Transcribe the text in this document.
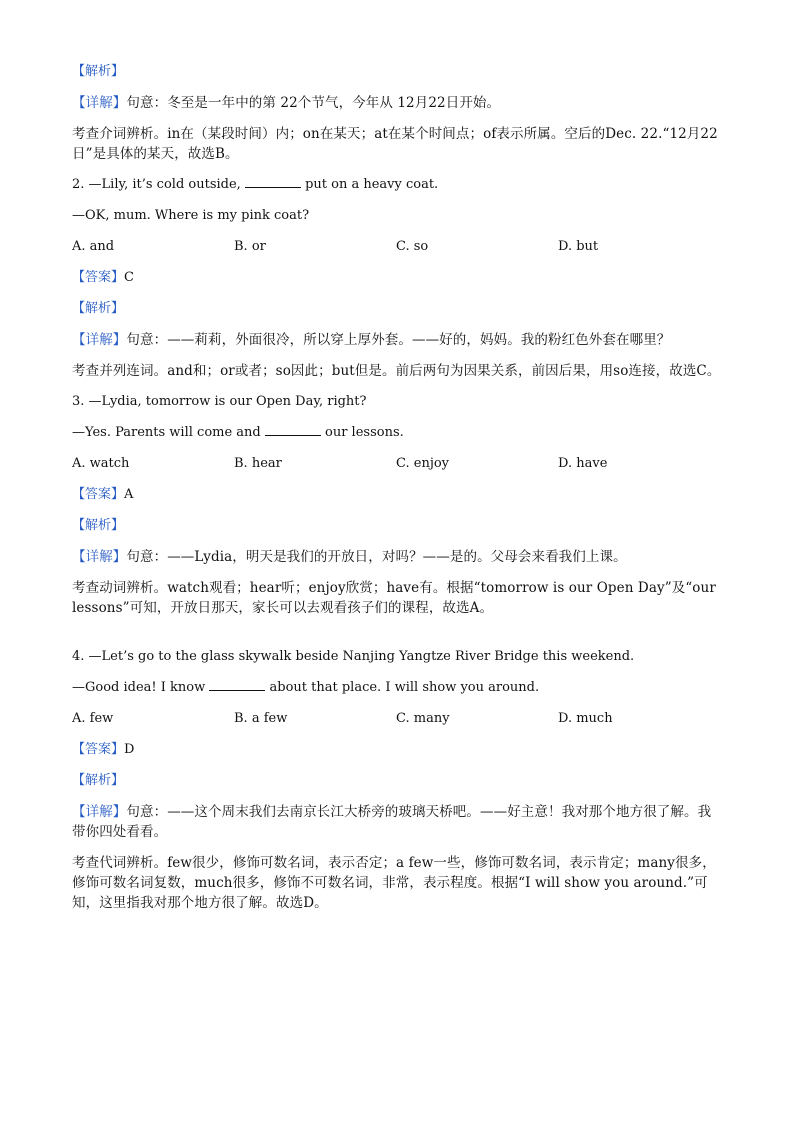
【解析】
【详解】句意：冬至是一年中的第 22个节气，今年从 12月22日开始。
考查介词辨析。in在（某段时间）内；on在某天；at在某个时间点；of表示所属。空后的Dec. 22.“12月22日”是具体的某天，故选B。
2. —Lily, it’s cold outside,	put on a heavy coat.
—OK, mum. Where is my pink coat?
A. and	B. or	C. so	D. but
【答案】C
【解析】
【详解】句意：——莉莉，外面很冷，所以穿上厚外套。——好的，妈妈。我的粉红色外套在哪里？
考查并列连词。and和；or或者；so因此；but但是。前后两句为因果关系，前因后果，用so连接，故选C。
3. —Lydia, tomorrow is our Open Day, right?
—Yes. Parents will come and	our lessons.
A. watch	B. hear	C. enjoy	D. have
【答案】A
【解析】
【详解】句意：——Lydia，明天是我们的开放日，对吗？——是的。父母会来看我们上课。
考查动词辨析。watch观看；hear听；enjoy欣赏；have有。根据“tomorrow is our Open Day”及“our lessons”可知，开放日那天，家长可以去观看孩子们的课程，故选A。
4. —Let’s go to the glass skywalk beside Nanjing Yangtze River Bridge this weekend.
—Good idea! I know	about that place. I will show you around.
A. few	B. a few	C. many	D. much
【答案】D
【解析】
【详解】句意：——这个周末我们去南京长江大桥旁的玻璃天桥吧。——好主意！我对那个地方很了解。我带你四处看看。
考查代词辨析。few很少，修饰可数名词，表示否定；a few一些，修饰可数名词，表示肯定；many很多，修饰可数名词复数，much很多，修饰不可数名词，非常，表示程度。根据“I will show you around.”可知，这里指我对那个地方很了解。故选D。
